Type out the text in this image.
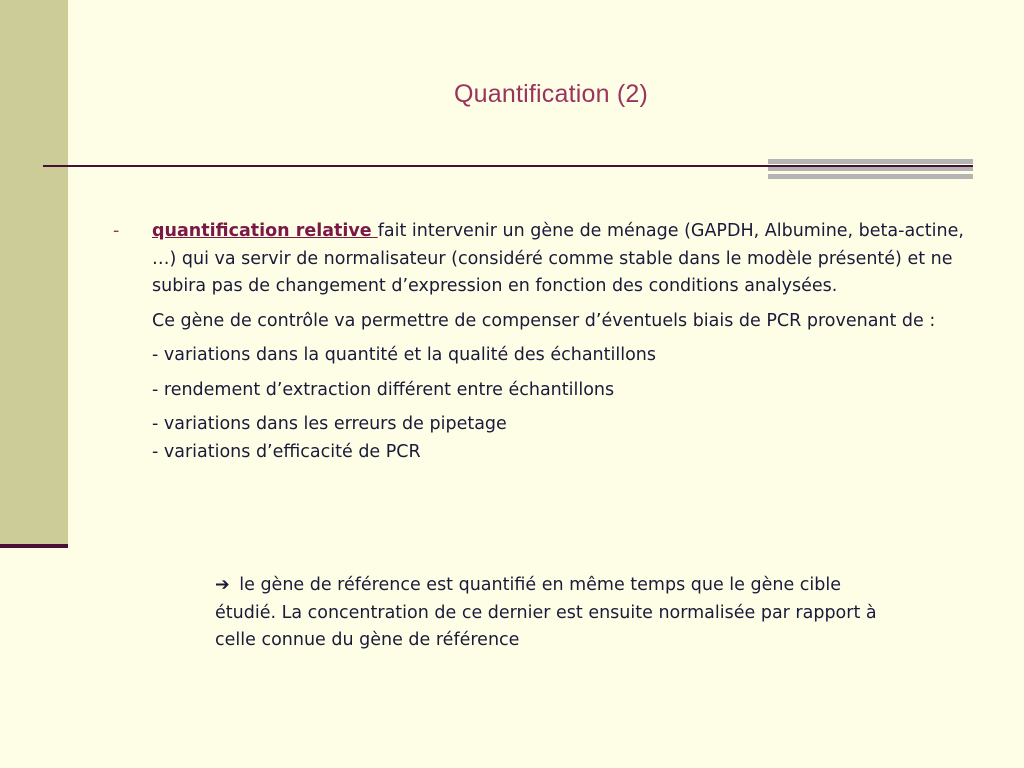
Quantification (2)
- quantification relative fait intervenir un gène de ménage (GAPDH, Albumine, beta-actine, …) qui va servir de normalisateur (considéré comme stable dans le modèle présenté) et ne subira pas de changement d’expression en fonction des conditions analysées.

Ce gène de contrôle va permettre de compenser d’éventuels biais de PCR provenant de :

- variations dans la quantité et la qualité des échantillons

- rendement d’extraction différent entre échantillons

- variations dans les erreurs de pipetage
- variations d’efficacité de PCR
➔ le gène de référence est quantifié en même temps que le gène cible étudié. La concentration de ce dernier est ensuite normalisée par rapport à celle connue du gène de référence
